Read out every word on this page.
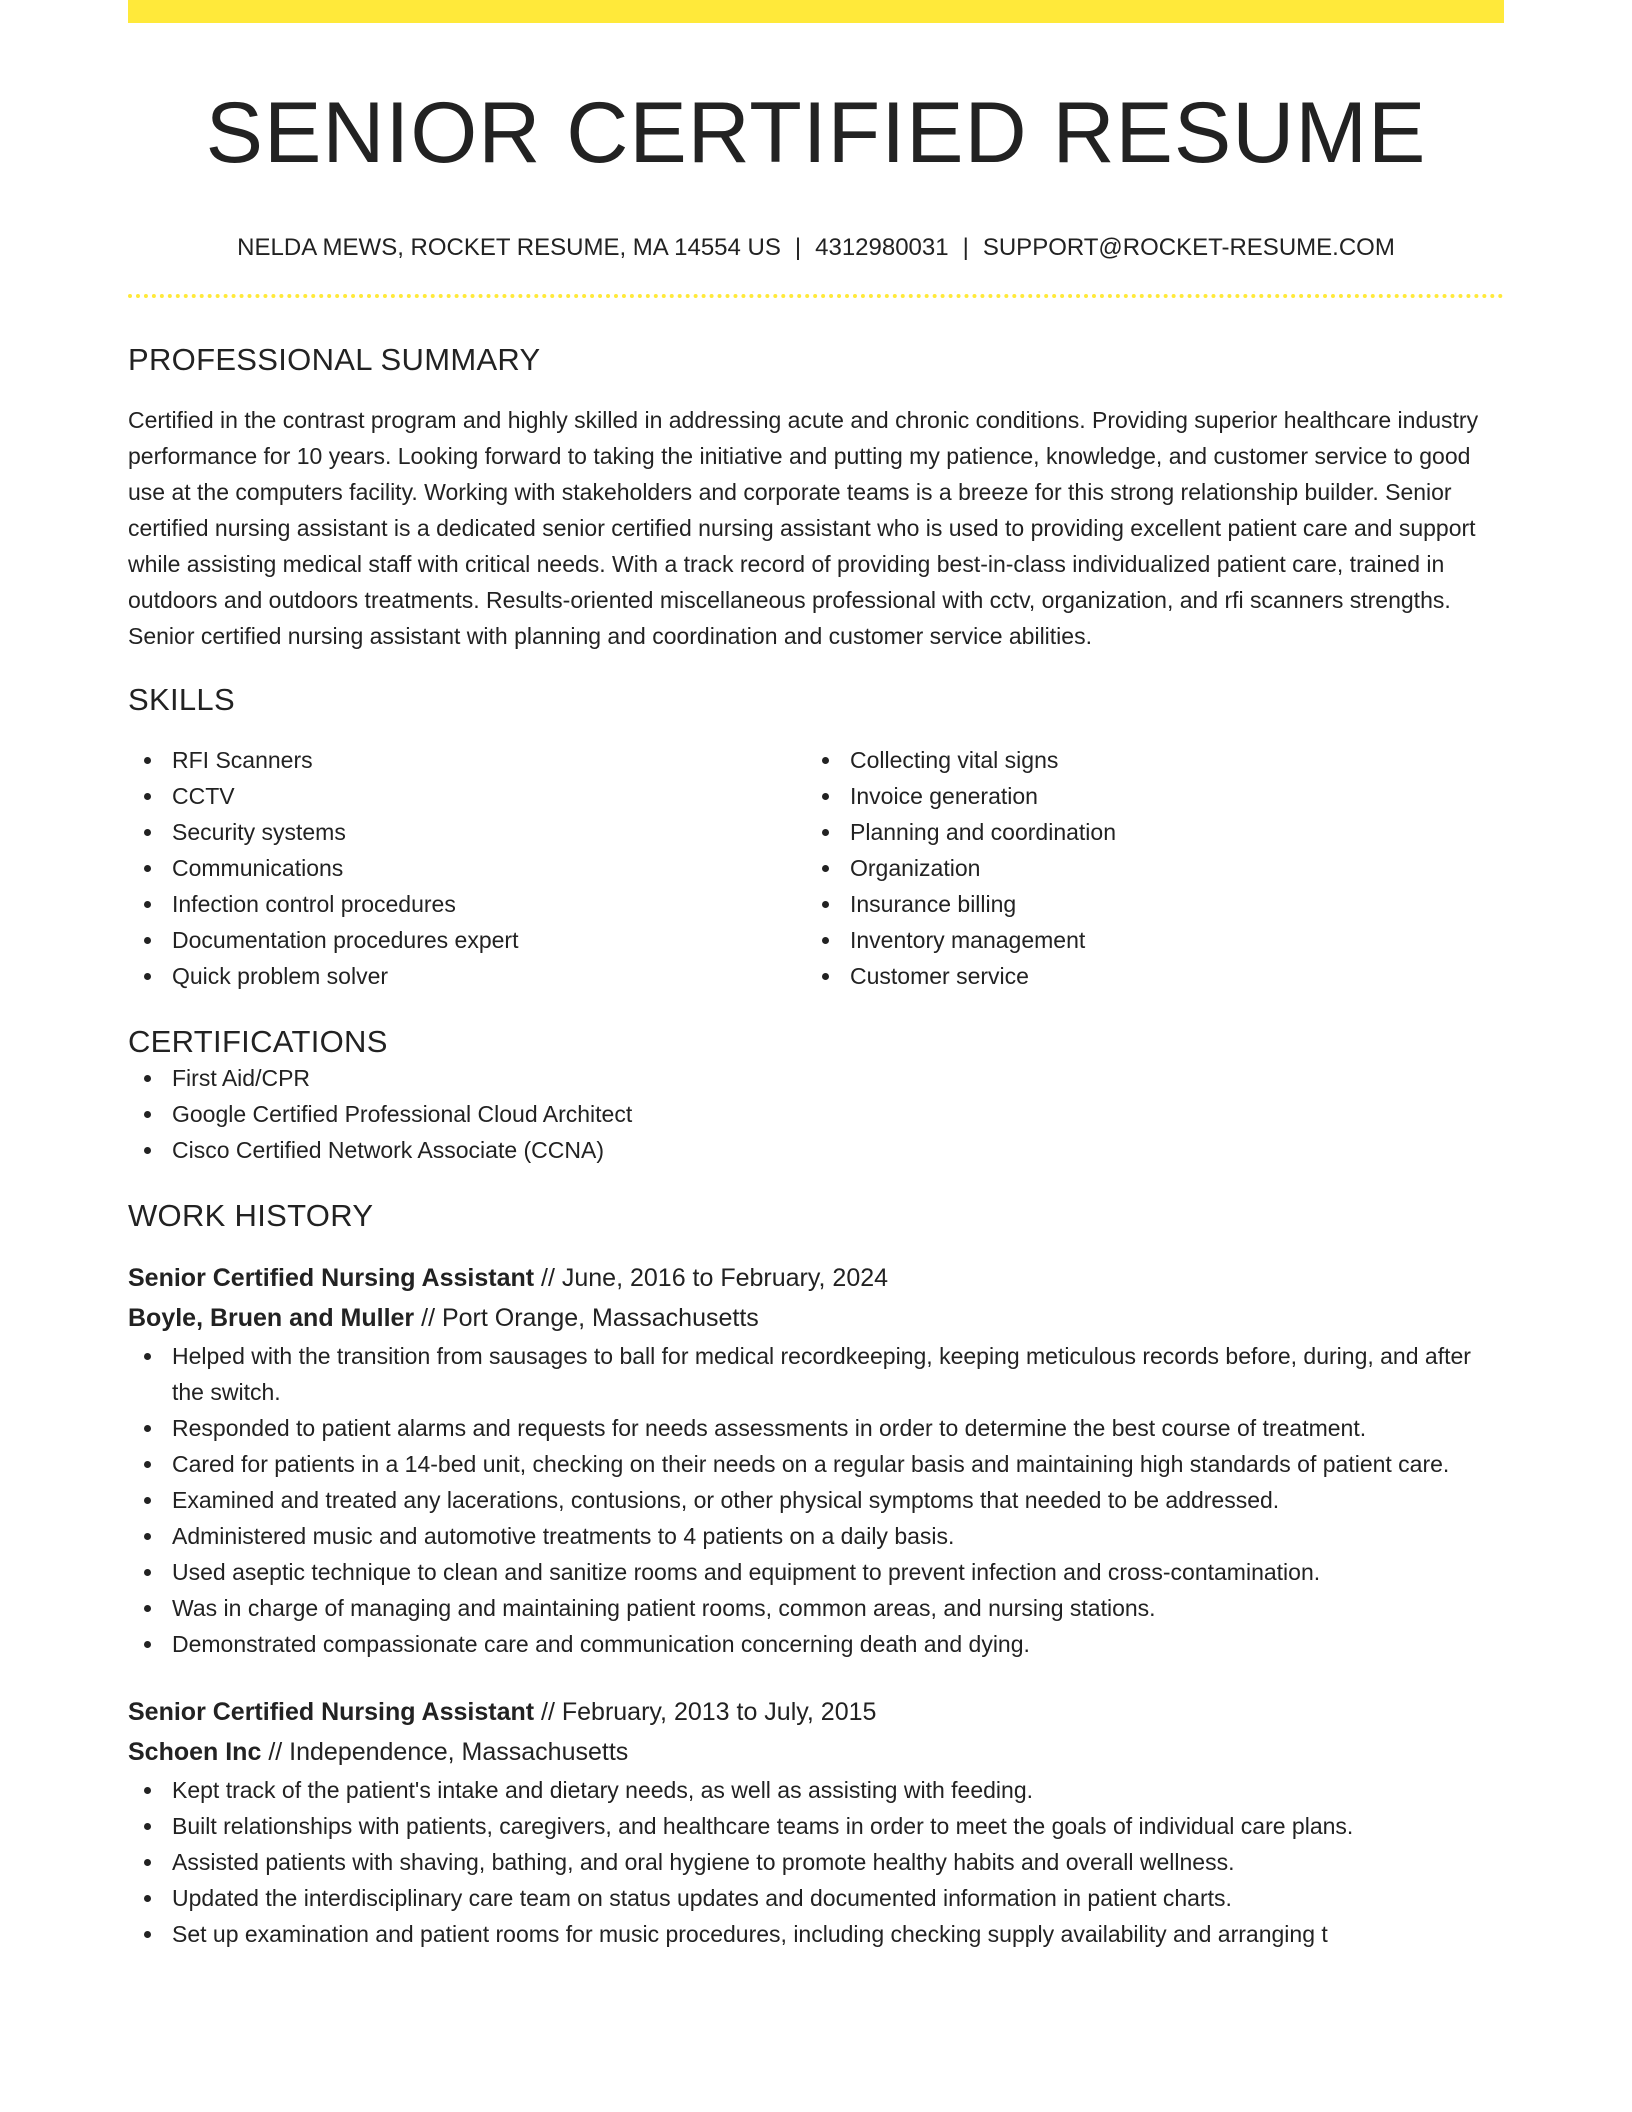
SENIOR CERTIFIED RESUME
NELDA MEWS, ROCKET RESUME, MA 14554 US | 4312980031 | SUPPORT@ROCKET-RESUME.COM
PROFESSIONAL SUMMARY

Certified in the contrast program and highly skilled in addressing acute and chronic conditions. Providing superior healthcare industry performance for 10 years. Looking forward to taking the initiative and putting my patience, knowledge, and customer service to good use at the computers facility. Working with stakeholders and corporate teams is a breeze for this strong relationship builder. Senior certified nursing assistant is a dedicated senior certified nursing assistant who is used to providing excellent patient care and support while assisting medical staff with critical needs. With a track record of providing best-in-class individualized patient care, trained in outdoors and outdoors treatments. Results-oriented miscellaneous professional with cctv, organization, and rfi scanners strengths. Senior certified nursing assistant with planning and coordination and customer service abilities.

SKILLS
RFI Scanners
CCTV
Security systems
Communications
Infection control procedures
Documentation procedures expert
Quick problem solver
Collecting vital signs
Invoice generation
Planning and coordination
Organization
Insurance billing
Inventory management
Customer service
CERTIFICATIONS
First Aid/CPR
Google Certified Professional Cloud Architect
Cisco Certified Network Associate (CCNA)
WORK HISTORY
Senior Certified Nursing Assistant // June, 2016 to February, 2024
Boyle, Bruen and Muller // Port Orange, Massachusetts
Helped with the transition from sausages to ball for medical recordkeeping, keeping meticulous records before, during, and after the switch.
Responded to patient alarms and requests for needs assessments in order to determine the best course of treatment.
Cared for patients in a 14-bed unit, checking on their needs on a regular basis and maintaining high standards of patient care.
Examined and treated any lacerations, contusions, or other physical symptoms that needed to be addressed.
Administered music and automotive treatments to 4 patients on a daily basis.
Used aseptic technique to clean and sanitize rooms and equipment to prevent infection and cross-contamination.
Was in charge of managing and maintaining patient rooms, common areas, and nursing stations.
Demonstrated compassionate care and communication concerning death and dying.
Senior Certified Nursing Assistant // February, 2013 to July, 2015
Schoen Inc // Independence, Massachusetts
Kept track of the patient's intake and dietary needs, as well as assisting with feeding.
Built relationships with patients, caregivers, and healthcare teams in order to meet the goals of individual care plans.
Assisted patients with shaving, bathing, and oral hygiene to promote healthy habits and overall wellness.
Updated the interdisciplinary care team on status updates and documented information in patient charts.
Set up examination and patient rooms for music procedures, including checking supply availability and arranging t
